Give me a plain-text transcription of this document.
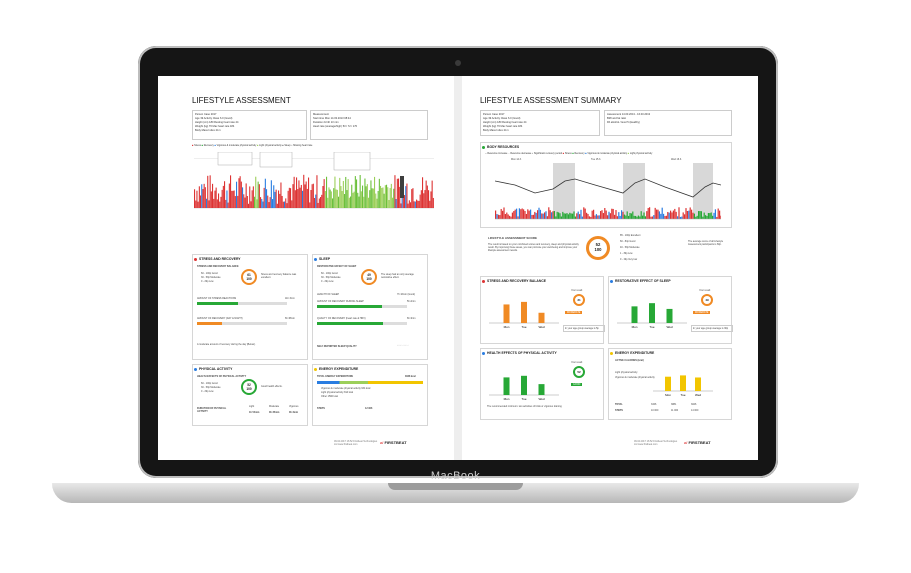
LIFESTYLE ASSESSMENT
Person Case 2017
Age 39 Activity Class 6.0 (Good)
Height (cm) 180 Resting heart rate 44
Weight (kg) 76 Max heart rate 184
Body Mass Index 24.1
Measurement
Start time Mon 14.03.2013 08:44
Duration 2d 4h 13 min
Heart rate (average/high) 53 / 72 / 170
■ Stress ■ Recovery ■ Vigorous & moderate physical activity ■ Light physical activity ■ Sleep ■ Missing heart rate
STRESS AND RECOVERY
STRESS AND RECOVERY BALANCE
60 - 100p Good
30 - 59p Moderate
0 - 29p Low
61
100
Stress and recovery balance was excellent.
AMOUNT OF STRESS REACTIONS	11h 3min
AMOUNT OF RECOVERY (DAY & NIGHT)	6h 38min
A moderate amount of recovery during the day (Below).
SLEEP
RESTORATIVE EFFECT OF SLEEP
60 - 100p Good
30 - 59p Moderate
0 - 29p Low
49
100
The sleep had an only average restorative effect.
LENGTH OF SLEEP	7h 16min (Good)
AMOUNT OF RECOVERY DURING SLEEP	5h 2min
QUALITY OF RECOVERY (heart rate & HRV)	6h 3min
SELF REPORTED SLEEP QUALITY	□□□□□
PHYSICAL ACTIVITY
HEALTH EFFECTS OF PHYSICAL ACTIVITY
60 - 100p Good
30 - 59p Moderate
0 - 29p Low
52
100
Good health effects.
DURATION OF PHYSICAL ACTIVITY
Light	Moderate	Vigorous
1h 54min	0h 35min	0h 3min
ENERGY EXPENDITURE
TOTAL ENERGY EXPENDITURE	3038 kcal
Vigorous & moderate physical activity 634 kcal
Light physical activity 814 kcal
Other 1590 kcal
STEPS	12 906
09.04.2017 16:52 Firstbeat Technologies Ltd www.firstbeat.com	ᴧ/ FIRSTBEAT
LIFESTYLE ASSESSMENT SUMMARY
Person Case 2017
Age 39 Activity Class 6.0 (Good)
Height (cm) 180 Resting heart rate 44
Weight (kg) 76 Max heart rate 184
Body Mass Index 24.1
Assessment 14.03.2013 - 16.03.2013
BMI and fat ratio
PA alcohol / level 5 (Healthy)
BODY RESOURCES
─ Resource increase ─ Resource decrease ■ Significant recovery period ■ Stress ■ Recovery ■ Vigorous & moderate physical activity ■ Light physical activity
Mon 14.3.	Tue 15.3.	Wed 16.3.
LIFESTYLE ASSESSMENT SCORE
The result is based on your combined scores and recovery, sleep and physical activity result. By improving these areas, you can promote your well-being and improve your lifestyle assessment results.
52
100
85 - 100p Excellent
60 - 84p Good
40 - 59p Moderate
1 - 39p Low
0 - 19p Very low
The average score of all Lifestyle Assessment participants is 60p.
STRESS AND RECOVERY BALANCE
Mon	Tue	Wed
Your result
31
MODERATE
In your age group average is 5p
RESTORATIVE EFFECT OF SLEEP
Mon	Tue	Wed
Your result
49
MODERATE
In your age group average is 30p
HEALTH EFFECTS OF PHYSICAL ACTIVITY
Mon	Tue	Wed
Your result
52
GOOD
The recommended minimum: two activities of brisk or vigorous training
ENERGY EXPENDITURE
ACTIVE CALORIES (kcal)
Mon	Tue	Wed
Light physical activity
Vigorous & moderate physical activity
TOTAL	3346	3881	3026
STEPS	10 000	11 000	14 000
09.04.2017 16:52 Firstbeat Technologies Ltd www.firstbeat.com	ᴧ/ FIRSTBEAT
MacBook
